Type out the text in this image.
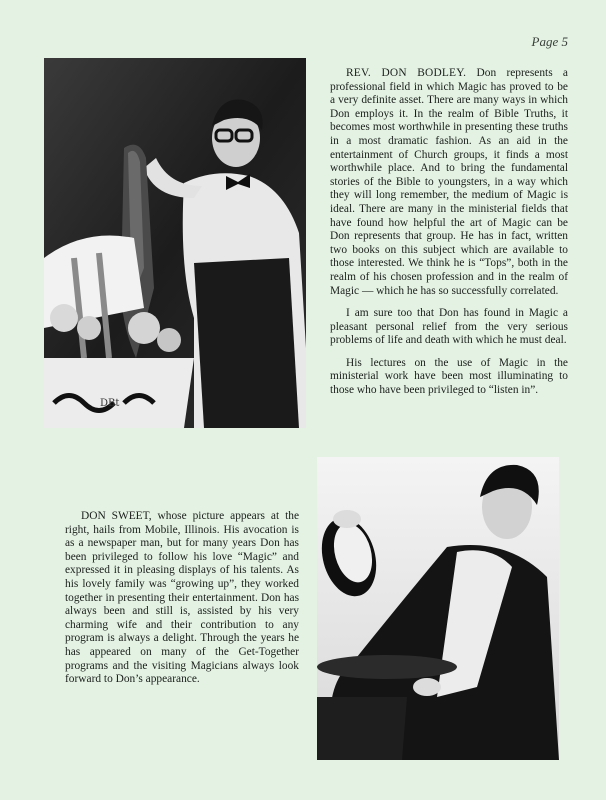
Page 5
DBt

REV. DON BODLEY. Don represents a professional field in which Magic has proved to be a very definite asset. There are many ways in which Don employs it. In the realm of Bible Truths, it becomes most worthwhile in presenting these truths in a most dramatic fashion. As an aid in the entertainment of Church groups, it finds a most worthwhile place. And to bring the fundamental stories of the Bible to youngsters, in a way which they will long remember, the medium of Magic is ideal. There are many in the ministerial fields that have found how helpful the art of Magic can be Don represents that group. He has in fact, written two books on this subject which are available to those interested. We think he is “Tops”, both in the realm of his chosen profession and in the realm of Magic — which he has so successfully correlated.

I am sure too that Don has found in Magic a pleasant personal relief from the very serious problems of life and death with which he must deal.

His lectures on the use of Magic in the ministerial work have been most illuminating to those who have been privileged to “listen in”.

DON SWEET, whose picture appears at the right, hails from Mobile, Illinois. His avocation is as a newspaper man, but for many years Don has been privileged to follow his love “Magic” and expressed it in pleasing displays of his talents. As his lovely family was “growing up”, they worked together in presenting their entertainment. Don has always been and still is, assisted by his very charming wife and their contribution to any program is always a delight. Through the years he has appeared on many of the Get-Together programs and the visiting Magicians always look forward to Don’s appearance.
